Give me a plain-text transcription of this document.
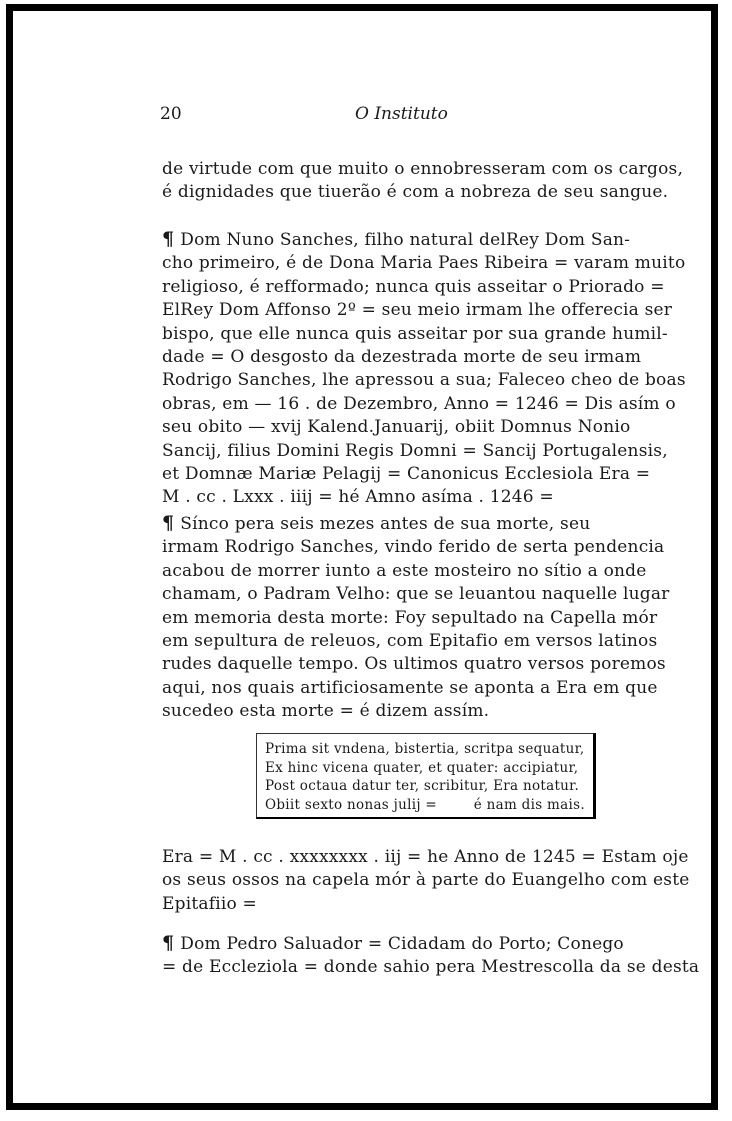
20	O Instituto
de virtude com que muito o ennobresseram com os cargos,
é dignidades que tiuerão é com a nobreza de seu sangue.
¶ Dom Nuno Sanches, filho natural delRey Dom San-
cho primeiro, é de Dona Maria Paes Ribeira = varam muito
religioso, é refformado; nunca quis asseitar o Priorado =
ElRey Dom Affonso 2º = seu meio irmam lhe offerecia ser
bispo, que elle nunca quis asseitar por sua grande humil-
dade = O desgosto da dezestrada morte de seu irmam
Rodrigo Sanches, lhe apressou a sua; Faleceo cheo de boas
obras, em — 16 . de Dezembro, Anno = 1246 = Dis asím o
seu obito — xvij Kalend.Januarij, obiit Domnus Nonio
Sancij, filius Domini Regis Domni = Sancij Portugalensis,
et Domnæ Mariæ Pelagij = Canonicus Ecclesiola Era =
M . cc . Lxxx . iiij = hé Amno asíma . 1246 =
¶ Síncо pera seis mezes antes de sua morte, seu
irmam Rodrigo Sanches, vindo ferido de serta pendencia
acabou de morrer iunto a este mosteiro no sítio a onde
chamam, o Padram Velho: que se leuantou naquelle lugar
em memoria desta morte: Foy sepultado na Capella mór
em sepultura de releuos, com Epitafio em versos latinos
rudes daquelle tempo. Os ultimos quatro versos poremos
aqui, nos quais artificiosamente se aponta a Era em que
sucedeo esta morte = é dizem assím.
Prima sit vndena, bistertia, scritpa sequatur,
Ex hinc vicena quater, et quater: accipiatur,
Post octaua datur ter, scribitur, Era notatur.
Obiit sexto nonas julij =        é nam dis mais.
Era = M . cc . xxxxxxxx . iij = he Anno de 1245 = Estam oje
os seus ossos na capela mór à parte do Euangelho com este
Epitafiio =
¶ Dom Pedro Saluador = Cidadam do Porto; Conego
= de Eccleziola = donde sahio pera Mestrescolla da se desta
